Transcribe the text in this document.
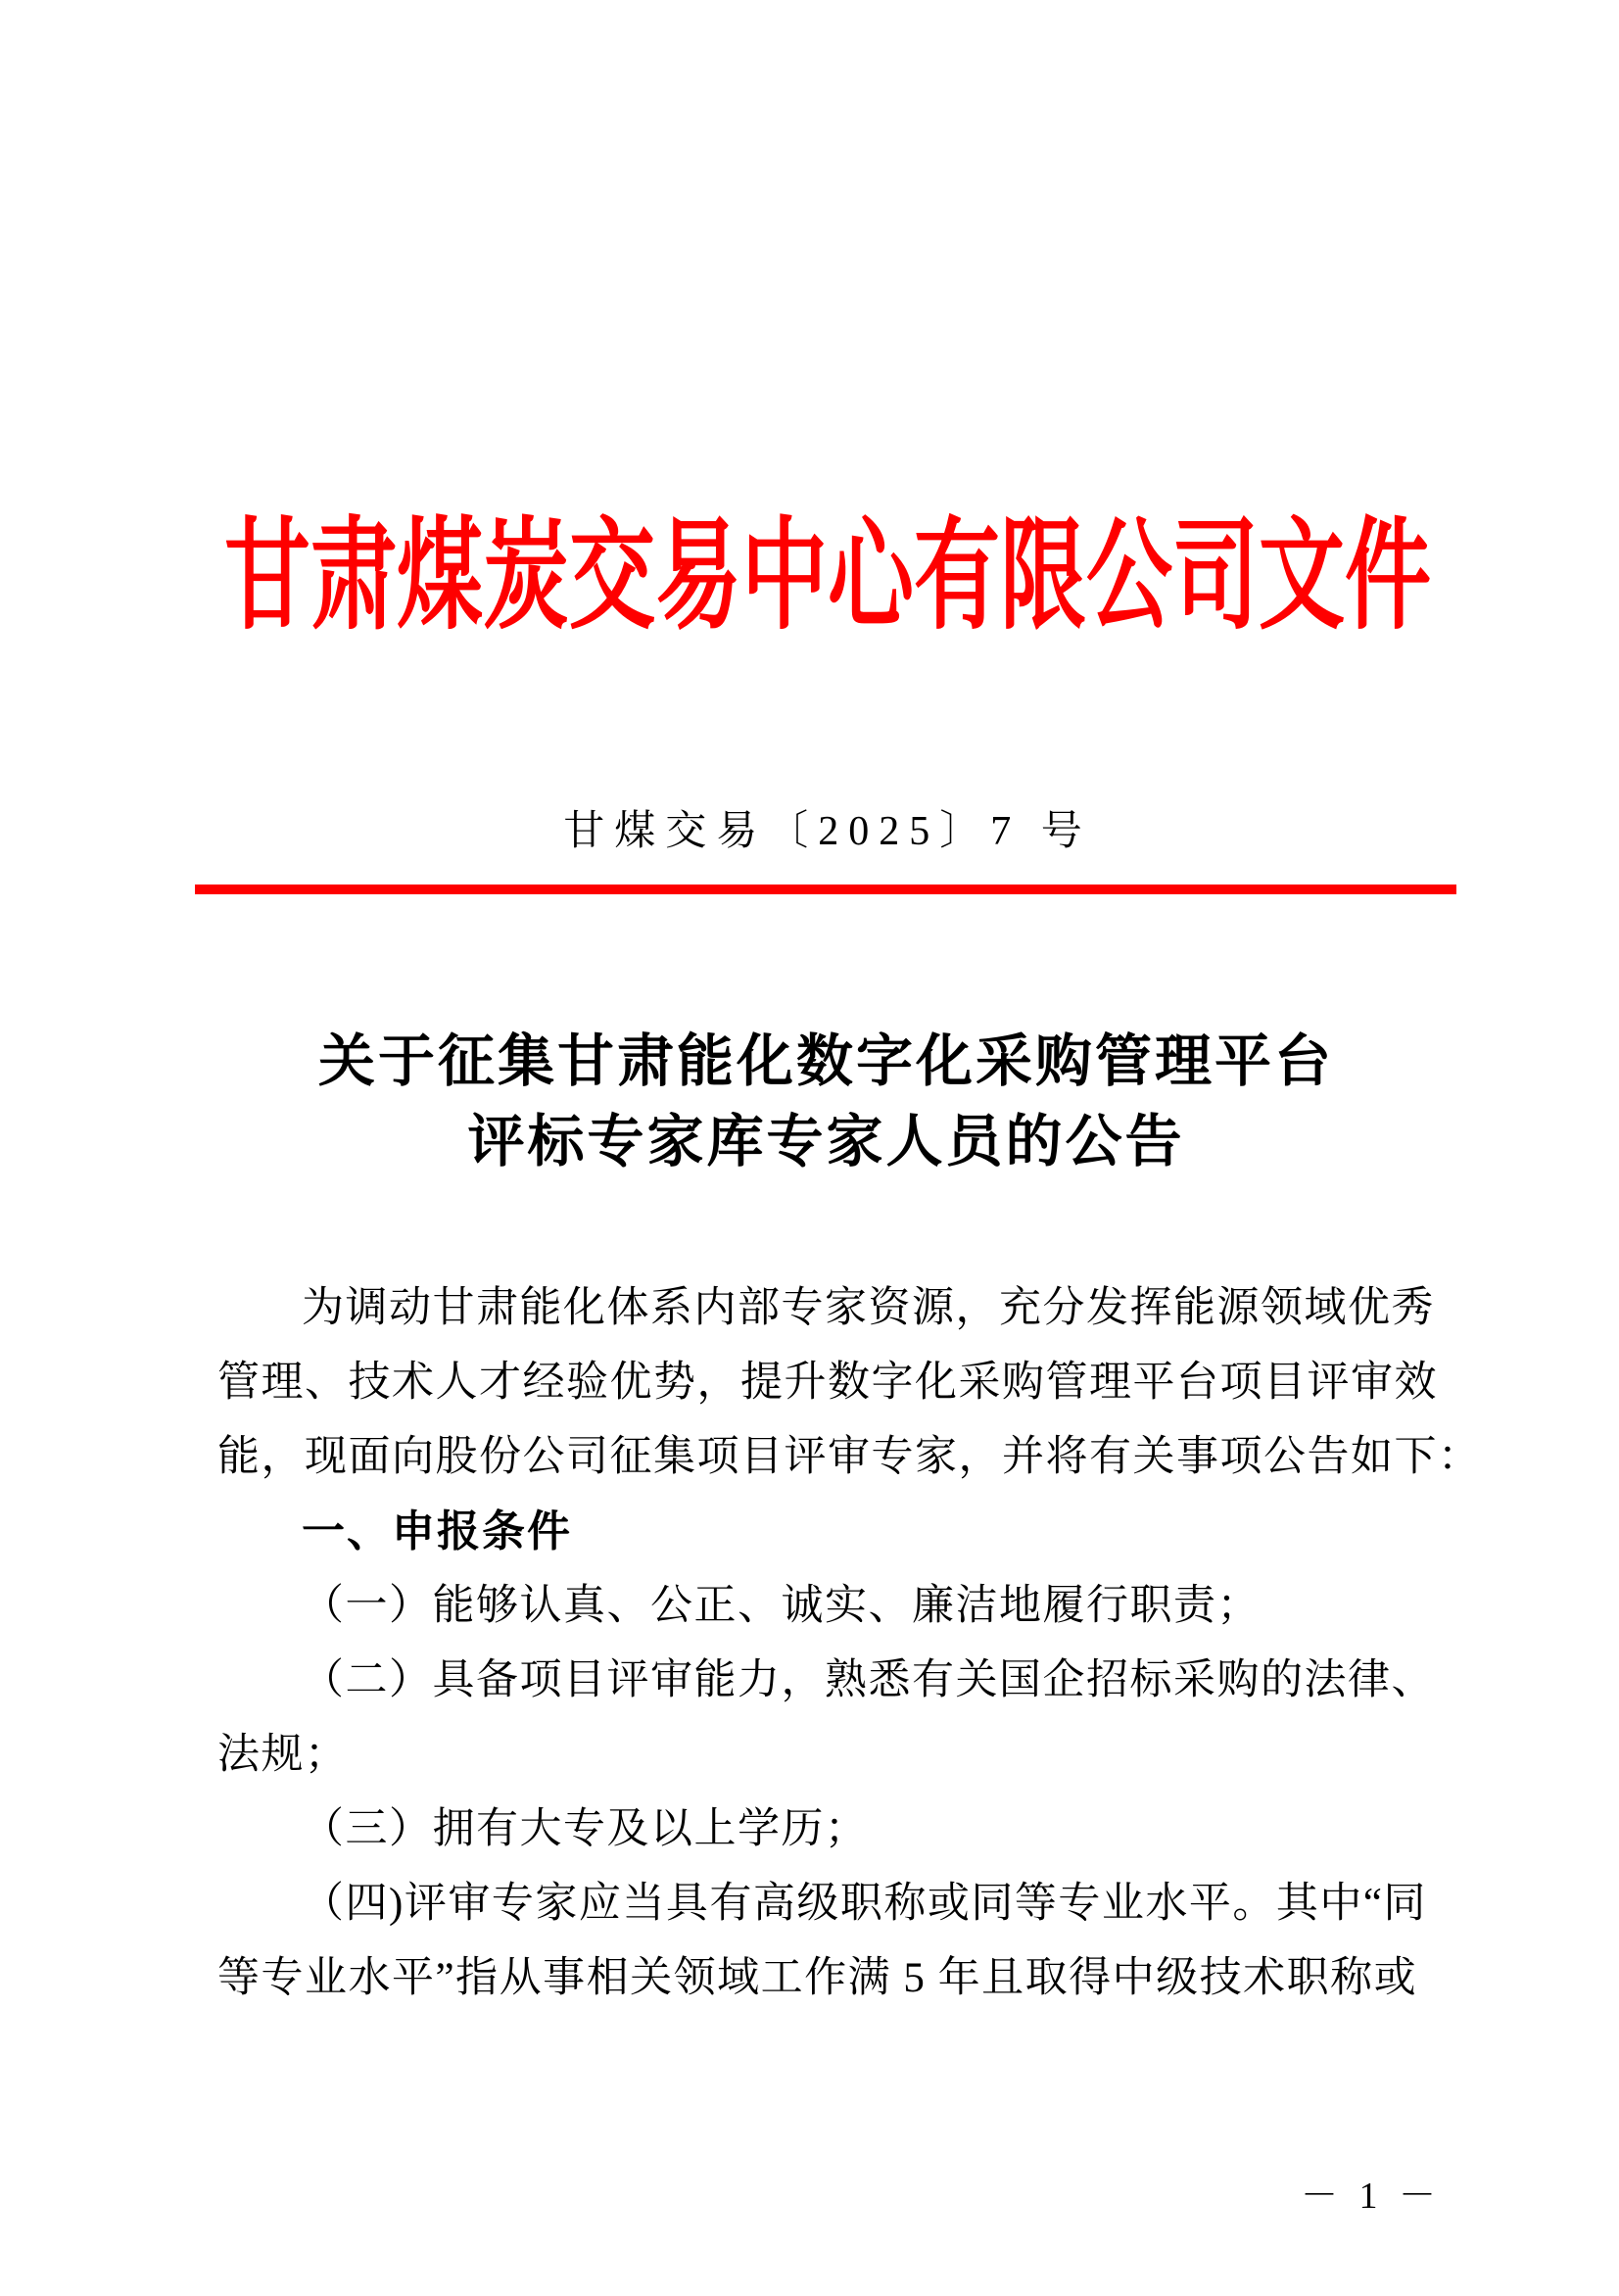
甘肃煤炭交易中心有限公司文件
甘煤交易〔2025〕7 号
关于征集甘肃能化数字化采购管理平台
评标专家库专家人员的公告
为调动甘肃能化体系内部专家资源，充分发挥能源领域优秀
管理、技术人才经验优势，提升数字化采购管理平台项目评审效
能，现面向股份公司征集项目评审专家，并将有关事项公告如下：
一、申报条件
（一）能够认真、公正、诚实、廉洁地履行职责；
（二）具备项目评审能力，熟悉有关国企招标采购的法律、
法规；
（三）拥有大专及以上学历；
（四)评审专家应当具有高级职称或同等专业水平。其中“同
等专业水平”指从事相关领域工作满 5 年且取得中级技术职称或
－ 1 －
